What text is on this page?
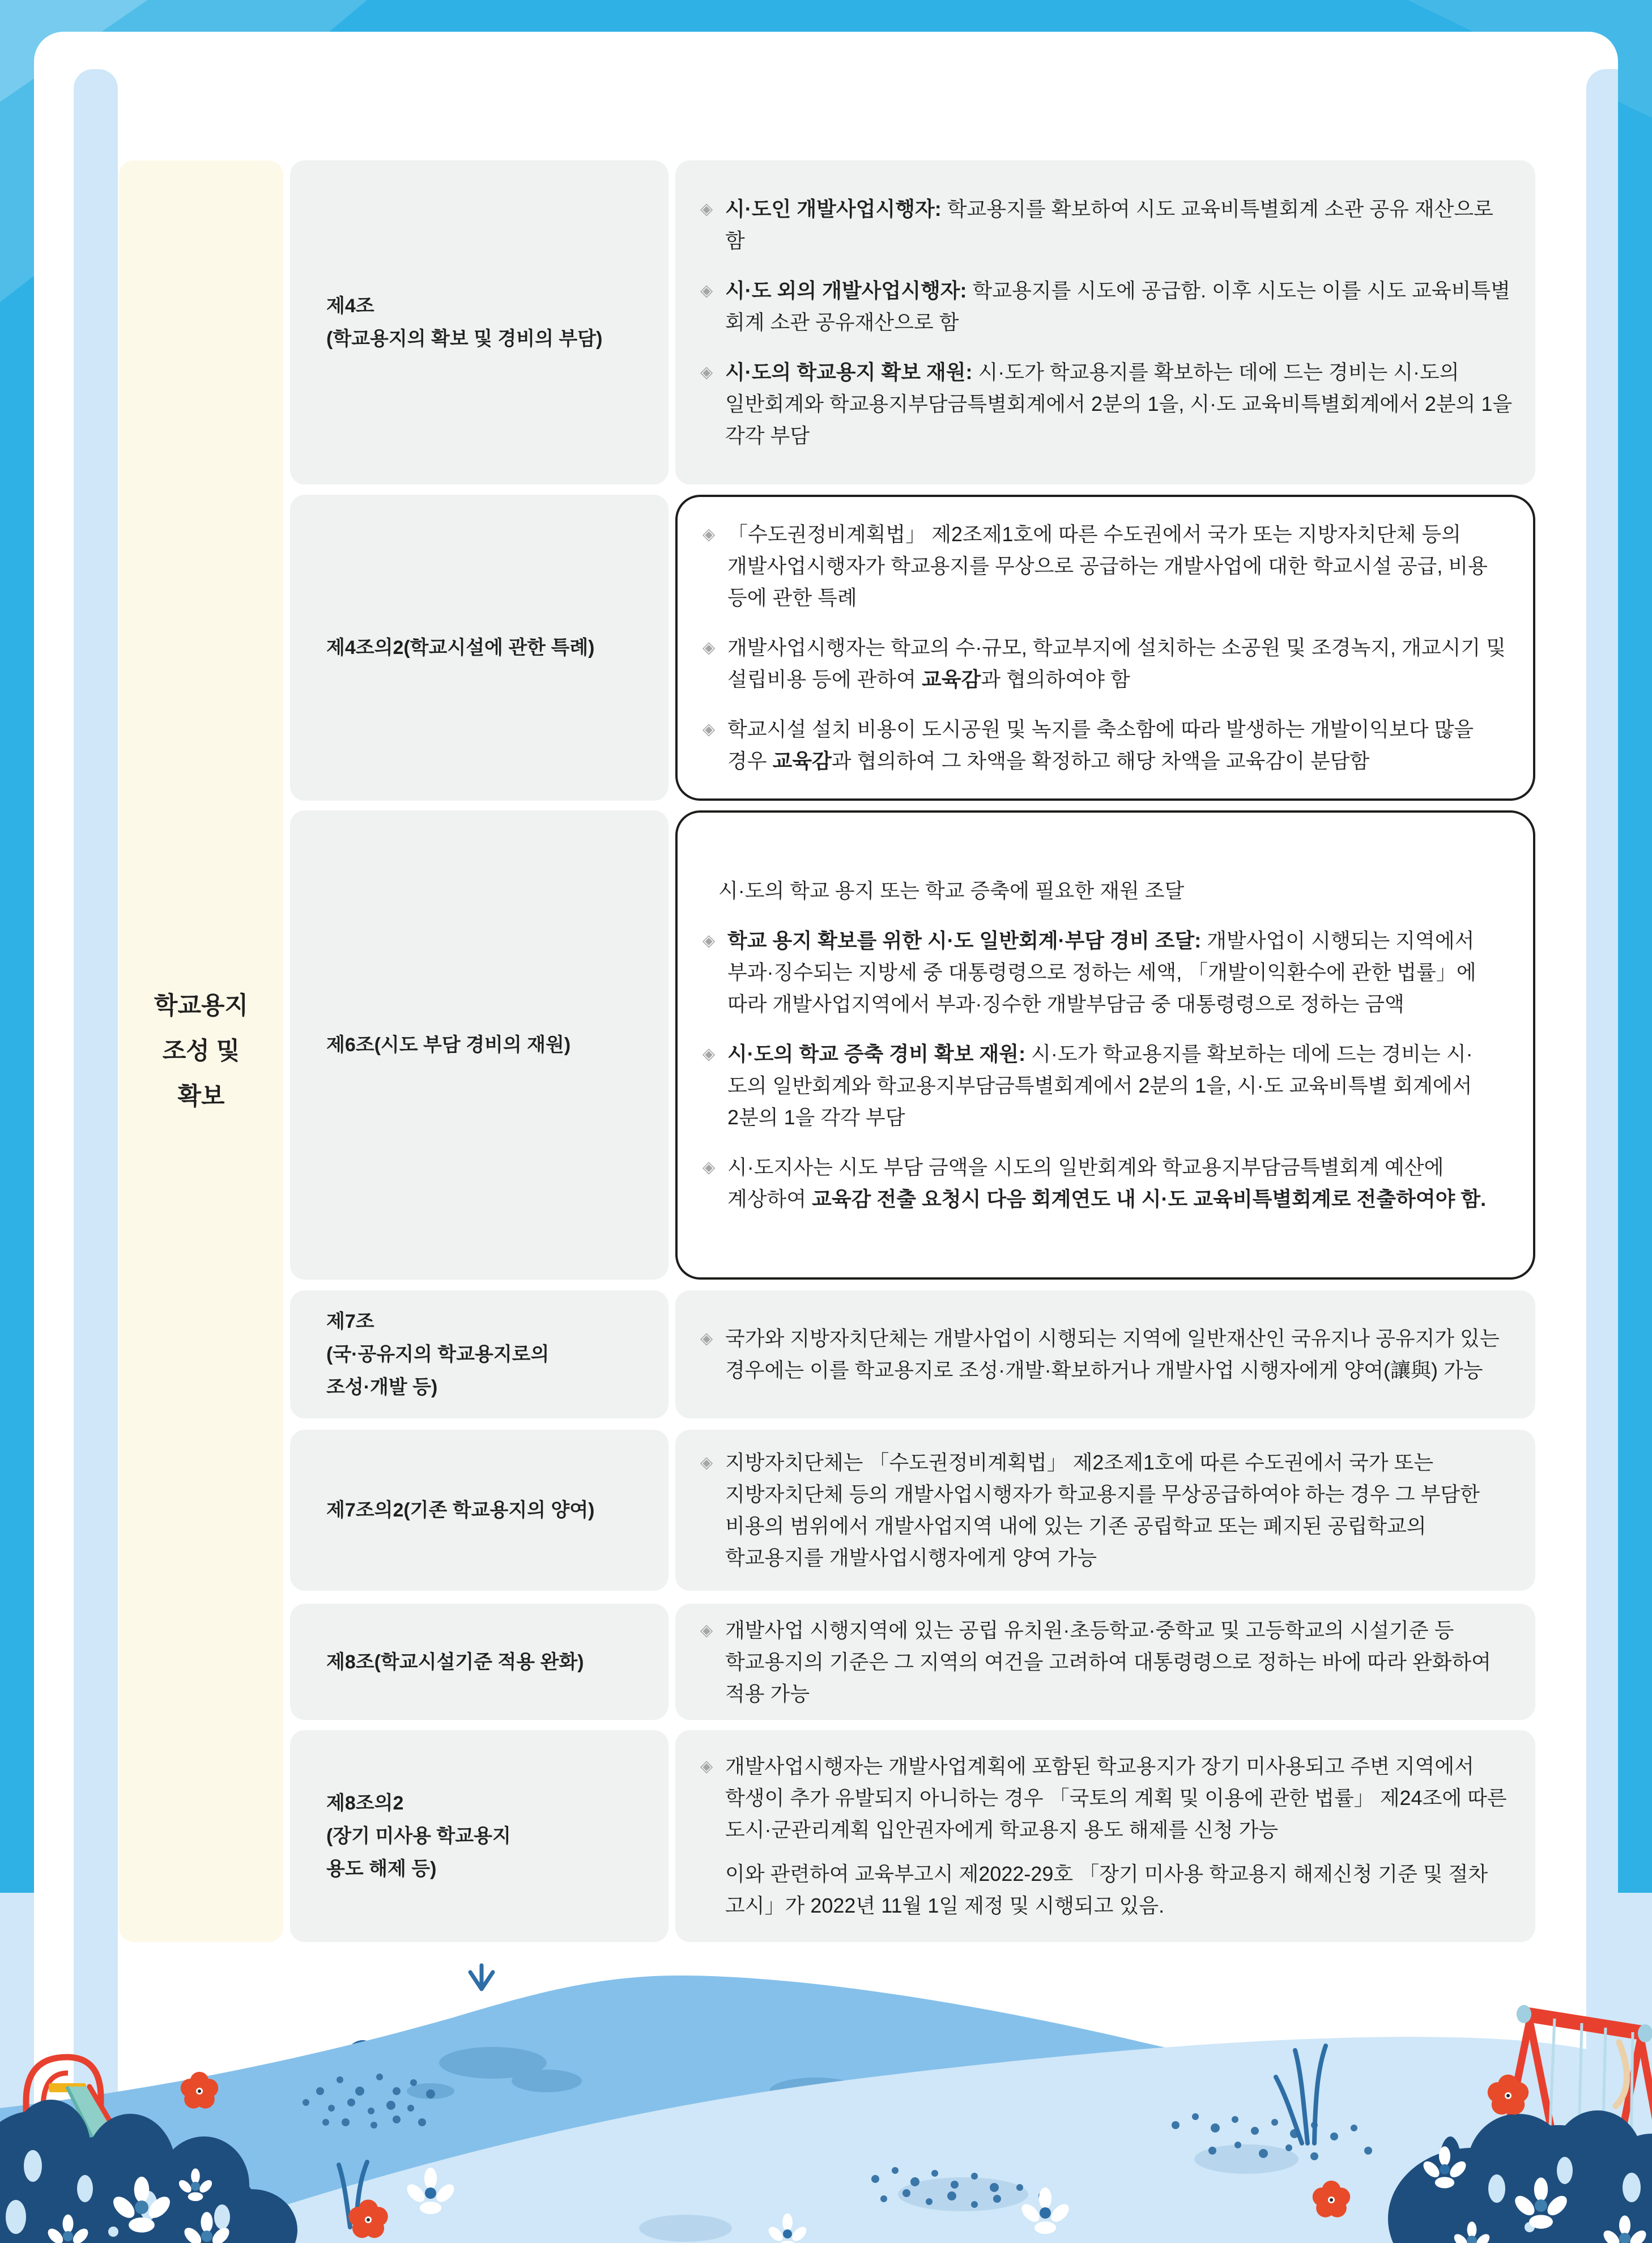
학교용지
조성 및
확보
제4조
(학교용지의 확보 및 경비의 부담)
◈ 시·도인 개발사업시행자: 학교용지를 확보하여 시도 교육비특별회계 소관 공유 재산으로 함

◈ 시·도 외의 개발사업시행자: 학교용지를 시도에 공급함. 이후 시도는 이를 시도 교육비특별 회계 소관 공유재산으로 함

◈ 시·도의 학교용지 확보 재원: 시·도가 학교용지를 확보하는 데에 드는 경비는 시·도의 일반회계와 학교용지부담금특별회계에서 2분의 1을, 시·도 교육비특별회계에서 2분의 1을 각각 부담

제4조의2(학교시설에 관한 특례)
◈ 「수도권정비계획법」 제2조제1호에 따른 수도권에서 국가 또는 지방자치단체 등의 개발사업시행자가 학교용지를 무상으로 공급하는 개발사업에 대한 학교시설 공급, 비용 등에 관한 특례

◈ 개발사업시행자는 학교의 수·규모, 학교부지에 설치하는 소공원 및 조경녹지, 개교시기 및 설립비용 등에 관하여 교육감과 협의하여야 함

◈ 학교시설 설치 비용이 도시공원 및 녹지를 축소함에 따라 발생하는 개발이익보다 많을 경우 교육감과 협의하여 그 차액을 확정하고 해당 차액을 교육감이 분담함

제6조(시도 부담 경비의 재원)
시·도의 학교 용지 또는 학교 증축에 필요한 재원 조달
◈ 학교 용지 확보를 위한 시·도 일반회계·부담 경비 조달: 개발사업이 시행되는 지역에서 부과·징수되는 지방세 중 대통령령으로 정하는 세액, 「개발이익환수에 관한 법률」에 따라 개발사업지역에서 부과·징수한 개발부담금 중 대통령령으로 정하는 금액

◈ 시·도의 학교 증축 경비 확보 재원: 시·도가 학교용지를 확보하는 데에 드는 경비는 시·도의 일반회계와 학교용지부담금특별회계에서 2분의 1을, 시·도 교육비특별 회계에서 2분의 1을 각각 부담

◈ 시·도지사는 시도 부담 금액을 시도의 일반회계와 학교용지부담금특별회계 예산에 계상하여 교육감 전출 요청시 다음 회계연도 내 시·도 교육비특별회계로 전출하여야 함.

제7조
(국·공유지의 학교용지로의
조성·개발 등)
◈ 국가와 지방자치단체는 개발사업이 시행되는 지역에 일반재산인 국유지나 공유지가 있는 경우에는 이를 학교용지로 조성·개발·확보하거나 개발사업 시행자에게 양여(讓與) 가능

제7조의2(기존 학교용지의 양여)
◈ 지방자치단체는 「수도권정비계획법」 제2조제1호에 따른 수도권에서 국가 또는 지방자치단체 등의 개발사업시행자가 학교용지를 무상공급하여야 하는 경우 그 부담한 비용의 범위에서 개발사업지역 내에 있는 기존 공립학교 또는 폐지된 공립학교의 학교용지를 개발사업시행자에게 양여 가능

제8조(학교시설기준 적용 완화)
◈ 개발사업 시행지역에 있는 공립 유치원·초등학교·중학교 및 고등학교의 시설기준 등 학교용지의 기준은 그 지역의 여건을 고려하여 대통령령으로 정하는 바에 따라 완화하여 적용 가능

제8조의2
(장기 미사용 학교용지
용도 해제 등)
◈ 개발사업시행자는 개발사업계획에 포함된 학교용지가 장기 미사용되고 주변 지역에서 학생이 추가 유발되지 아니하는 경우 「국토의 계획 및 이용에 관한 법률」 제24조에 따른 도시·군관리계획 입안권자에게 학교용지 용도 해제를 신청 가능

이와 관련하여 교육부고시 제2022-29호 「장기 미사용 학교용지 해제신청 기준 및 절차 고시」가 2022년 11월 1일 제정 및 시행되고 있음.
